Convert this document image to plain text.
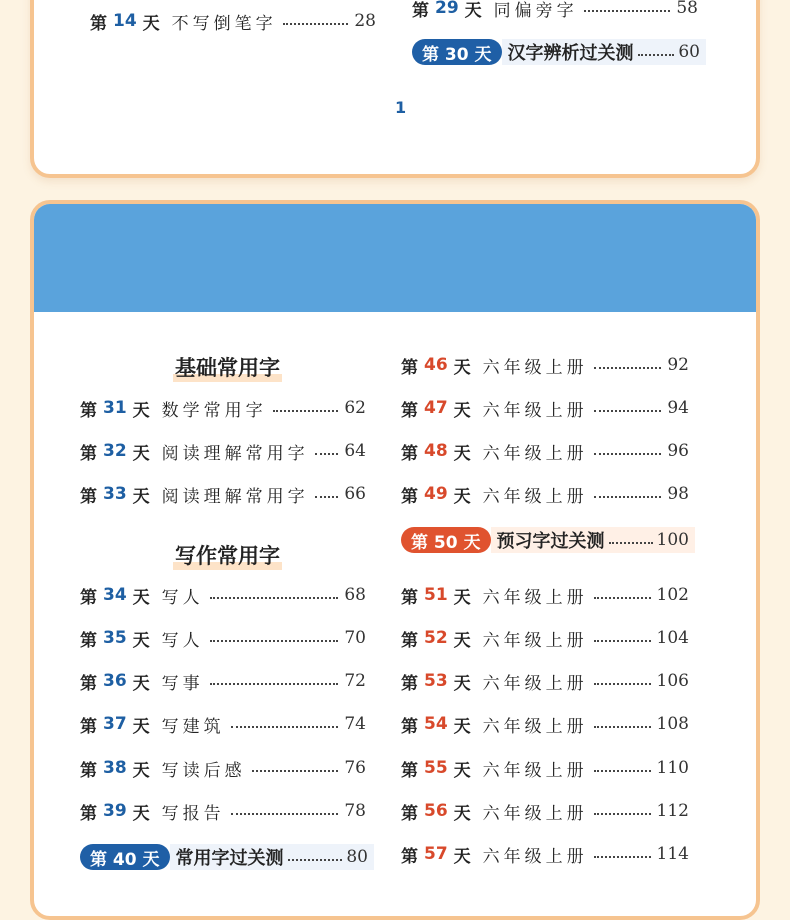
第 14 天 不写倒笔字	28
第 29 天 同偏旁字	58
第 30 天 汉字辨析过关测	60
1
基础常用字
写作常用字
第 50 天 预习字过关测	100
第 40 天 常用字过关测	80
第 31 天 数学常用字	62
第 32 天 阅读理解常用字 64
第 33 天 阅读理解常用字 66
第 34 天 写人	68
第 35 天 写人	70
第 36 天 写事	72
第 37 天 写建筑	74
第 38 天 写读后感	76
第 39 天 写报告	78
第 46 天 六年级上册	92
第 47 天 六年级上册	94
第 48 天 六年级上册	96
第 49 天 六年级上册	98
第 51 天 六年级上册	102
第 52 天 六年级上册	104
第 53 天 六年级上册	106
第 54 天 六年级上册	108
第 55 天 六年级上册	110
第 56 天 六年级上册	112
第 57 天 六年级上册	114
